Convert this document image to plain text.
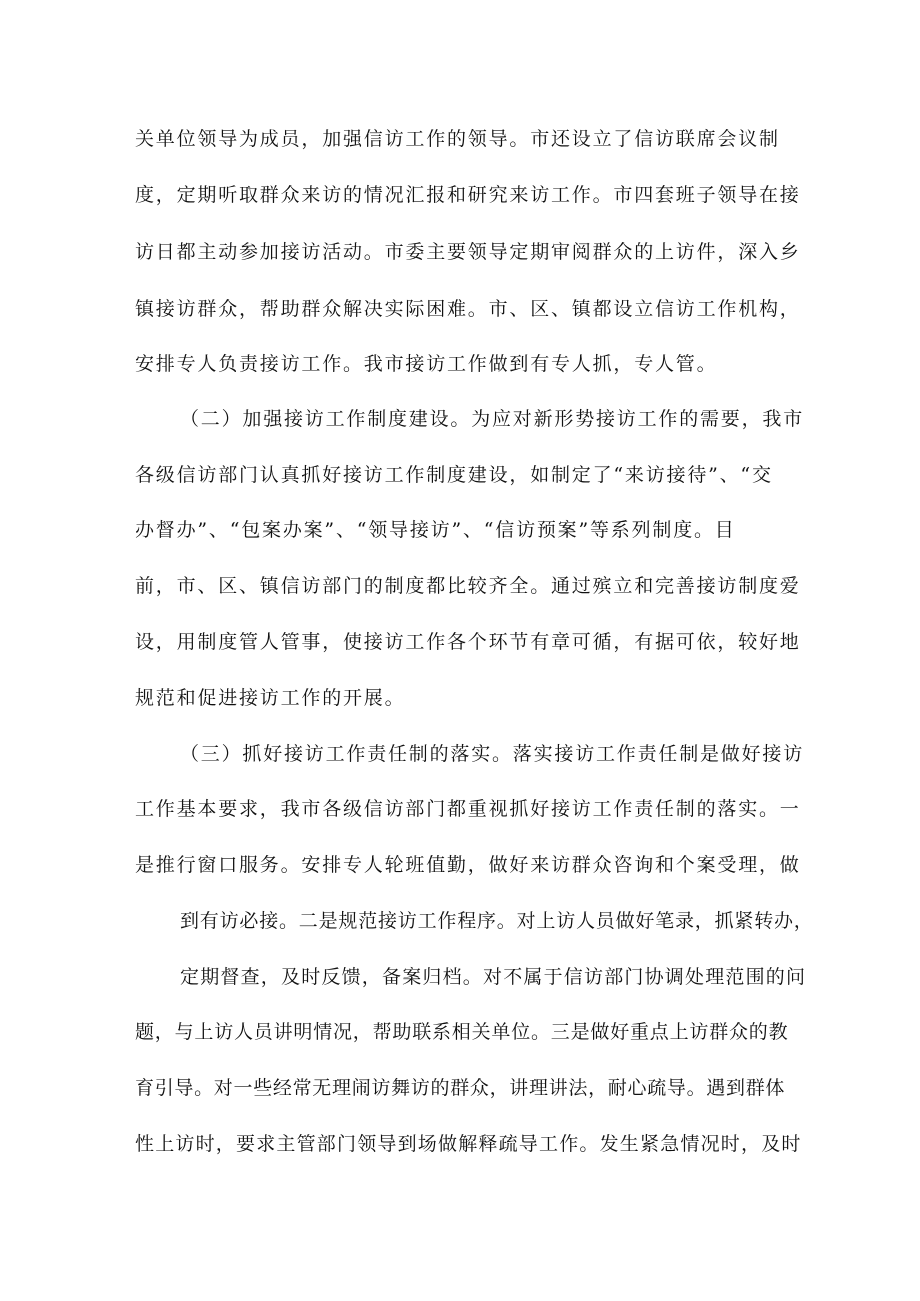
关单位领导为成员，加强信访工作的领导。市还设立了信访联席会议制

度，定期听取群众来访的情况汇报和研究来访工作。市四套班子领导在接

访日都主动参加接访活动。市委主要领导定期审阅群众的上访件，深入乡

镇接访群众，帮助群众解决实际困难。市、区、镇都设立信访工作机构，

安排专人负责接访工作。我市接访工作做到有专人抓，专人管。

（二）加强接访工作制度建设。为应对新形势接访工作的需要，我市

各级信访部门认真抓好接访工作制度建设，如制定了“来访接待”、“交

办督办”、“包案办案”、“领导接访”、“信访预案”等系列制度。目

前，市、区、镇信访部门的制度都比较齐全。通过殡立和完善接访制度爱

设，用制度管人管事，使接访工作各个环节有章可循，有据可依，较好地

规范和促进接访工作的开展。

（三）抓好接访工作责任制的落实。落实接访工作责任制是做好接访

工作基本要求，我市各级信访部门都重视抓好接访工作责任制的落实。一

是推行窗口服务。安排专人轮班值勤，做好来访群众咨询和个案受理，做

到有访必接。二是规范接访工作程序。对上访人员做好笔录，抓紧转办，

定期督查，及时反馈，备案归档。对不属于信访部门协调处理范围的问

题，与上访人员讲明情况，帮助联系相关单位。三是做好重点上访群众的教

育引导。对一些经常无理闹访舞访的群众，讲理讲法，耐心疏导。遇到群体

性上访时，要求主管部门领导到场做解释疏导工作。发生紧急情况时，及时
